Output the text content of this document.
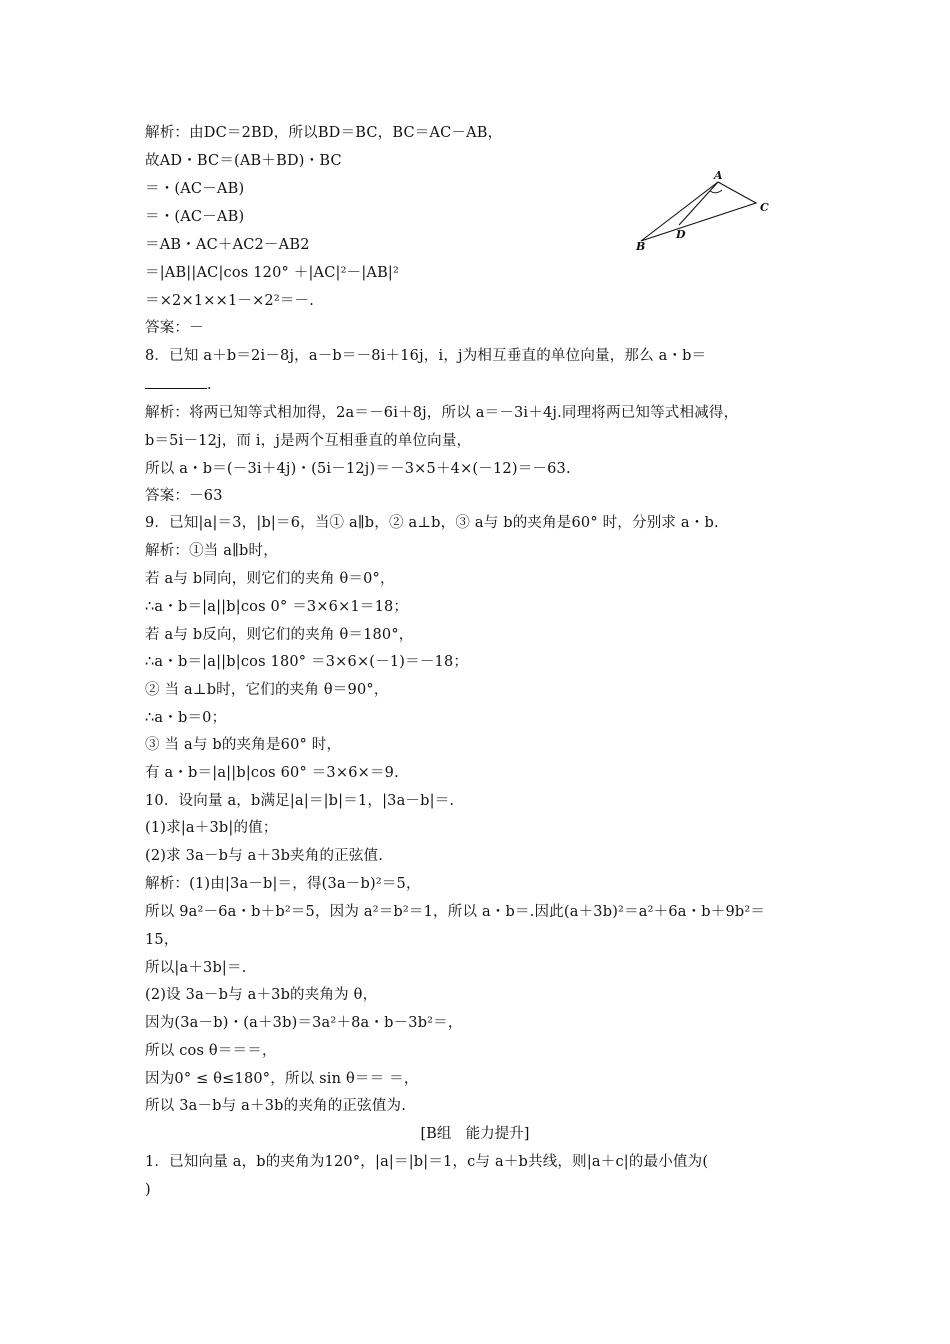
解析：由DC＝2BD，所以BD＝BC，BC＝AC－AB，
故AD・BC＝(AB＋BD)・BC
＝・(AC－AB)
＝・(AC－AB)
＝AB・AC＋AC2－AB2
＝|AB||AC|cos 120° ＋|AC|²－|AB|²
＝×2×1××1－×2²＝－.
答案：－
8．已知 a＋b＝2i－8j，a－b＝－8i＋16j，i，j为相互垂直的单位向量，那么 a・b＝
.
解析：将两已知等式相加得，2a＝－6i＋8j，所以 a＝－3i＋4j.同理将两已知等式相减得，
b＝5i－12j，而 i，j是两个互相垂直的单位向量，
所以 a・b＝(－3i＋4j)・(5i－12j)＝－3×5＋4×(－12)＝－63.
答案：－63
9．已知|a|＝3，|b|＝6，当① a∥b，② a⊥b，③ a与 b的夹角是60° 时，分别求 a・b.
解析：①当 a∥b时，
若 a与 b同向，则它们的夹角 θ＝0°，
∴a・b＝|a||b|cos 0° ＝3×6×1＝18；
若 a与 b反向，则它们的夹角 θ＝180°，
∴a・b＝|a||b|cos 180° ＝3×6×(－1)＝－18；
② 当 a⊥b时，它们的夹角 θ＝90°，
∴a・b＝0；
③ 当 a与 b的夹角是60° 时，
有 a・b＝|a||b|cos 60° ＝3×6×＝9.
10．设向量 a，b满足|a|＝|b|＝1，|3a－b|＝.
(1)求|a＋3b|的值；
(2)求 3a－b与 a＋3b夹角的正弦值.
解析：(1)由|3a－b|＝，得(3a－b)²＝5，
所以 9a²－6a・b＋b²＝5，因为 a²＝b²＝1，所以 a・b＝.因此(a＋3b)²＝a²＋6a・b＋9b²＝
15，
所以|a＋3b|＝.
(2)设 3a－b与 a＋3b的夹角为 θ，
因为(3a－b)・(a＋3b)＝3a²＋8a・b－3b²＝，
所以 cos θ＝＝＝，
因为0° ≤ θ≤180°，所以 sin θ＝＝ ＝，
所以 3a－b与 a＋3b的夹角的正弦值为.
[B组　能力提升]
1．已知向量 a，b的夹角为120°，|a|＝|b|＝1，c与 a＋b共线，则|a＋c|的最小值为(
)
A
C
D
B
